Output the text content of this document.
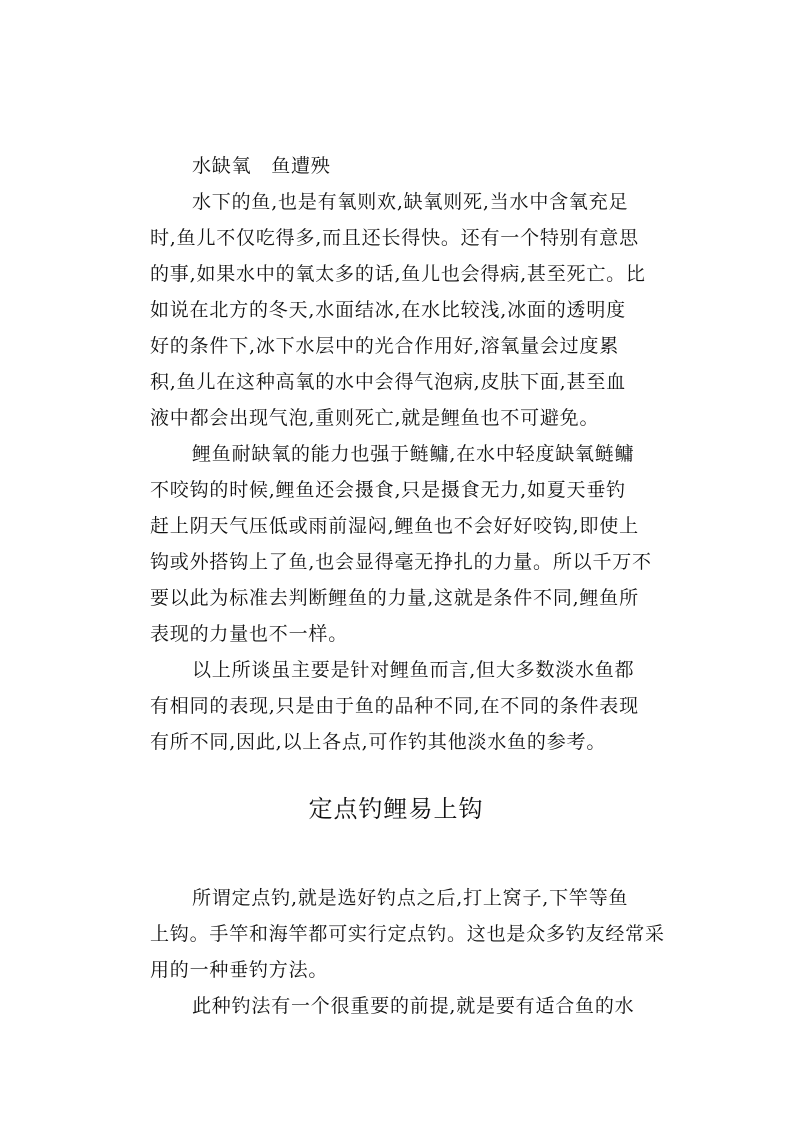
水缺氧　鱼遭殃

水下的鱼,也是有氧则欢,缺氧则死,当水中含氧充足

时,鱼儿不仅吃得多,而且还长得快。还有一个特别有意思

的事,如果水中的氧太多的话,鱼儿也会得病,甚至死亡。比

如说在北方的冬天,水面结冰,在水比较浅,冰面的透明度

好的条件下,冰下水层中的光合作用好,溶氧量会过度累

积,鱼儿在这种高氧的水中会得气泡病,皮肤下面,甚至血

液中都会出现气泡,重则死亡,就是鲤鱼也不可避免。

鲤鱼耐缺氧的能力也强于鲢鳙,在水中轻度缺氧鲢鳙

不咬钩的时候,鲤鱼还会摄食,只是摄食无力,如夏天垂钓

赶上阴天气压低或雨前湿闷,鲤鱼也不会好好咬钩,即使上

钩或外搭钩上了鱼,也会显得毫无挣扎的力量。所以千万不

要以此为标准去判断鲤鱼的力量,这就是条件不同,鲤鱼所

表现的力量也不一样。

以上所谈虽主要是针对鲤鱼而言,但大多数淡水鱼都

有相同的表现,只是由于鱼的品种不同,在不同的条件表现

有所不同,因此,以上各点,可作钓其他淡水鱼的参考。

定点钓鲤易上钩

所谓定点钓,就是选好钓点之后,打上窝子,下竿等鱼

上钩。手竿和海竿都可实行定点钓。这也是众多钓友经常采

用的一种垂钓方法。

此种钓法有一个很重要的前提,就是要有适合鱼的水
